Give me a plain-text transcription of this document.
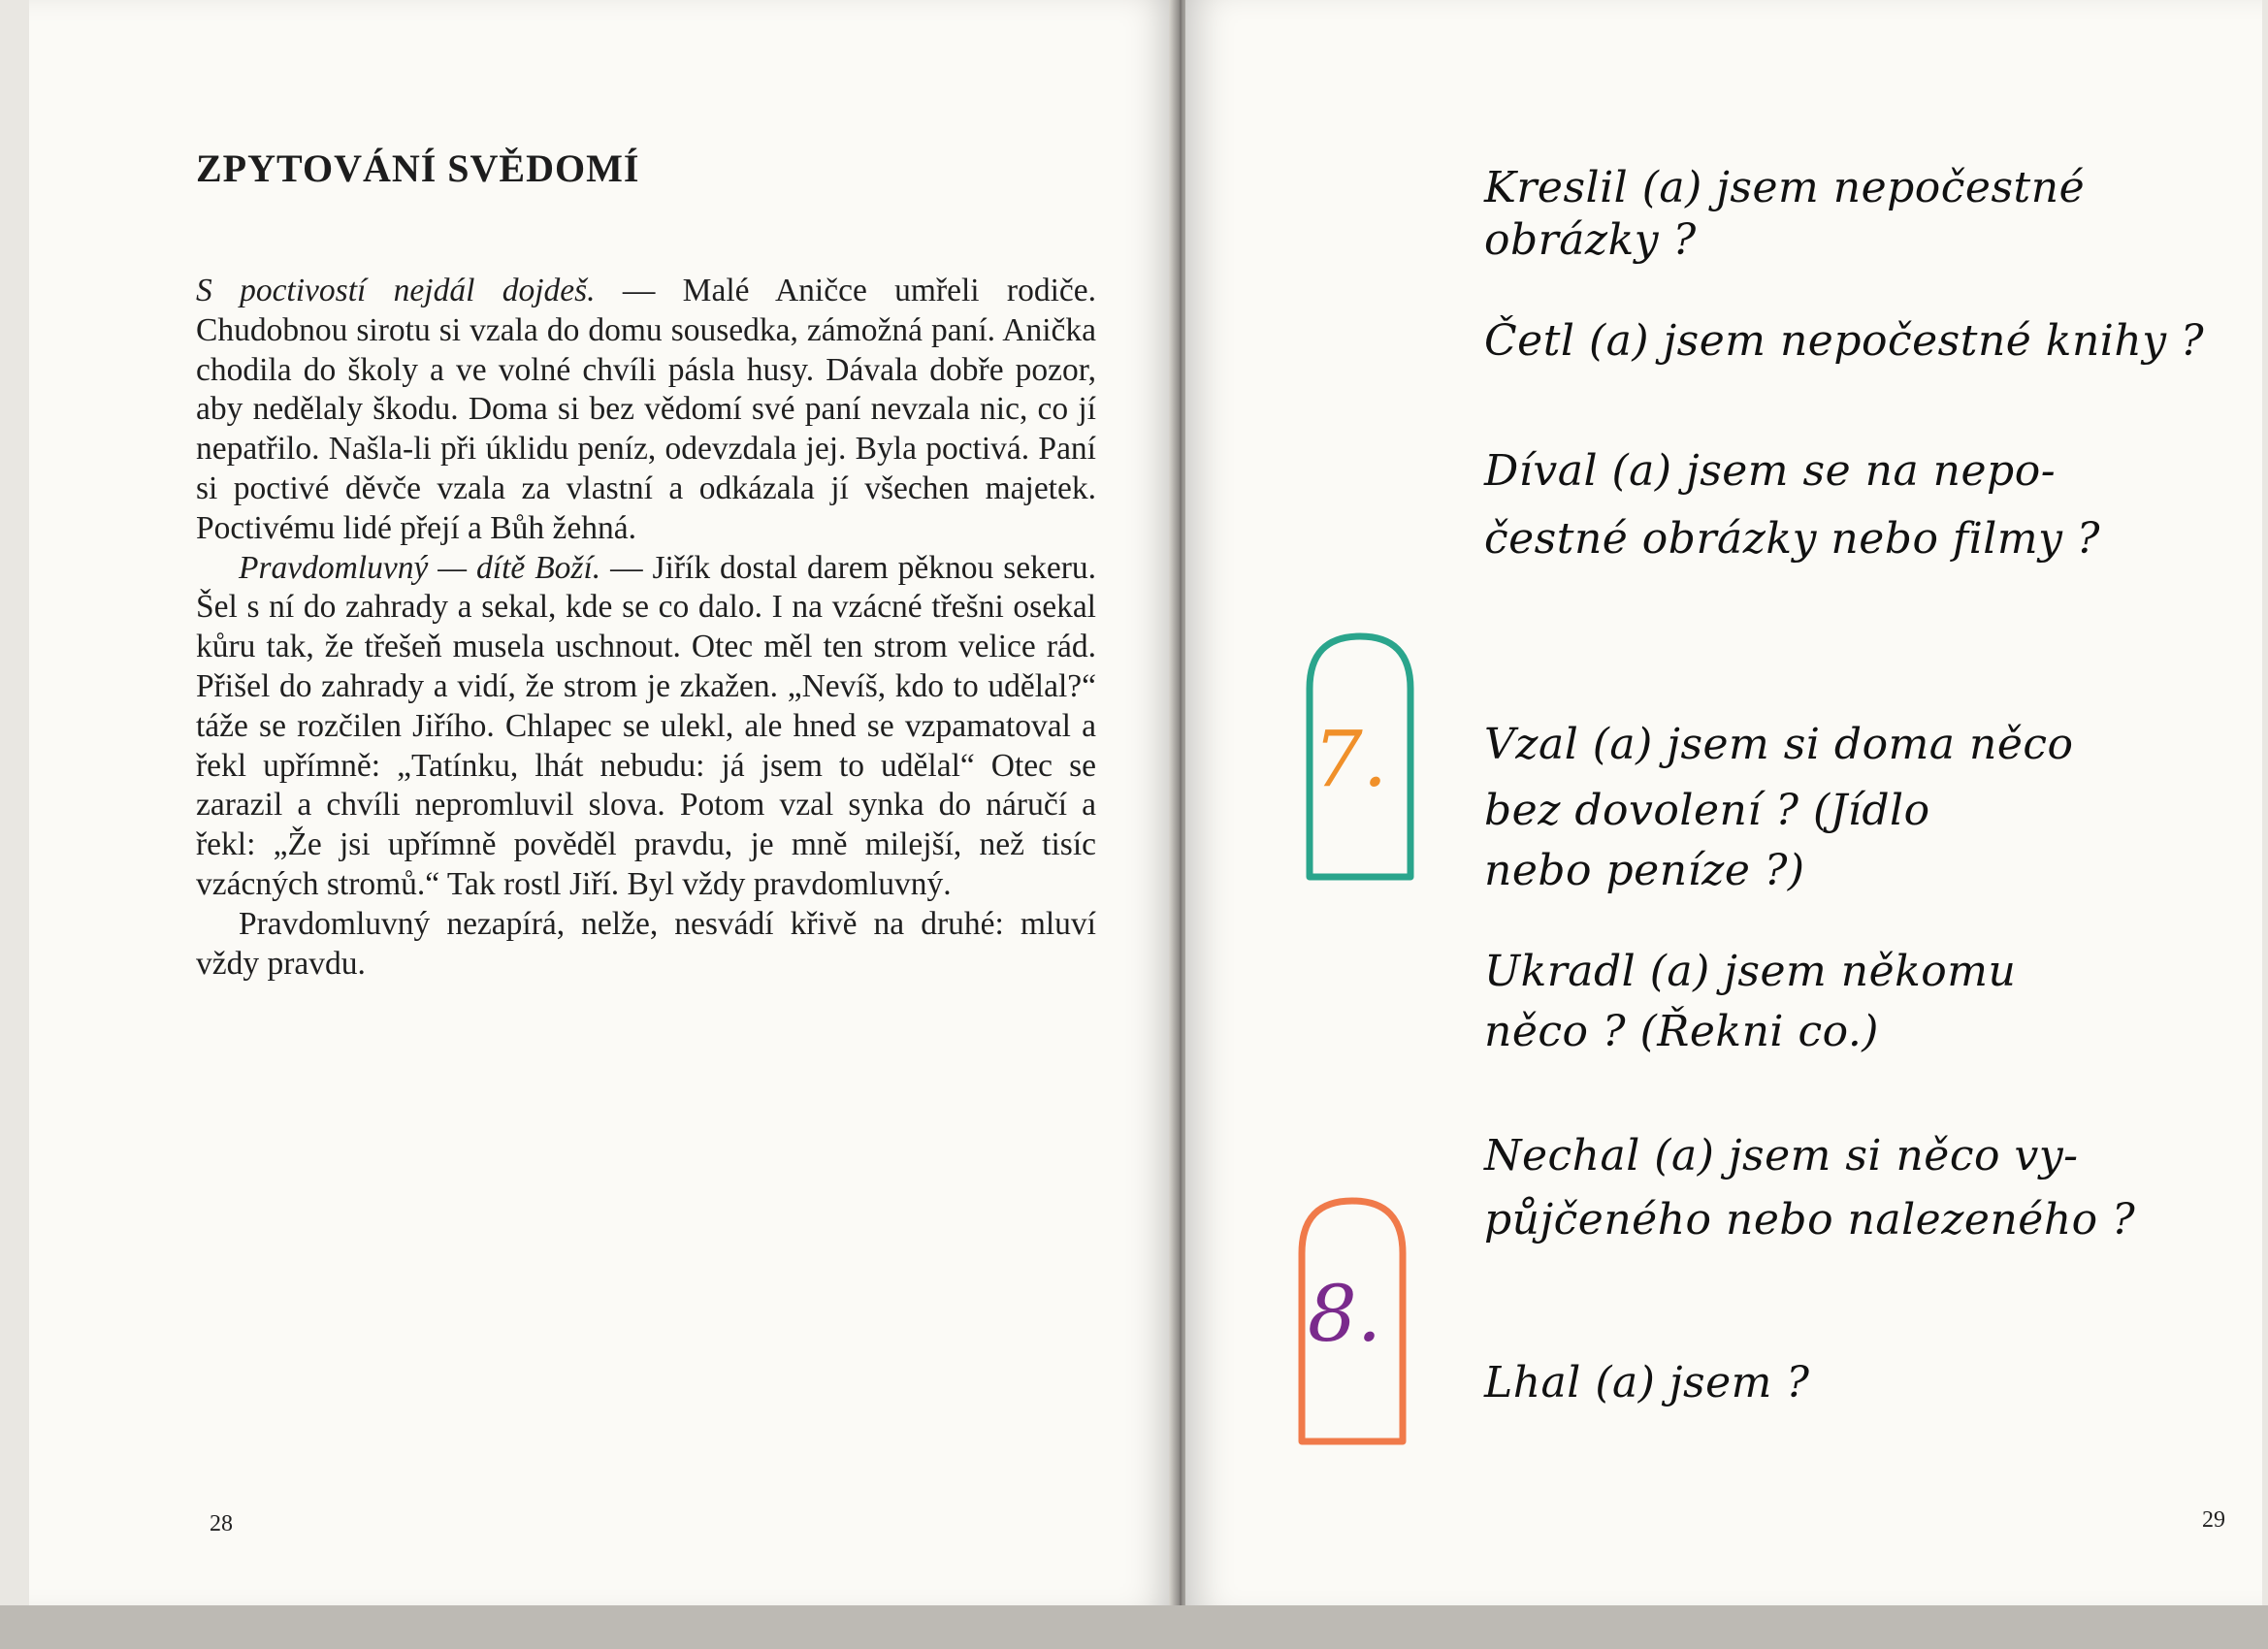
ZPYTOVÁNÍ SVĚDOMÍ

S poctivostí nejdál dojdeš. — Malé Aničce umřeli rodiče. Chudobnou sirotu si vzala do domu sousedka, zámožná paní. Anička chodila do školy a ve volné chvíli pásla husy. Dávala dobře pozor, aby nedělaly škodu. Doma si bez vědomí své paní nevzala nic, co jí nepatřilo. Našla-li při úklidu peníz, odevzdala jej. Byla poctivá. Paní si poctivé děvče vzala za vlastní a odkázala jí všechen majetek. Poctivému lidé přejí a Bůh žehná.

Pravdomluvný — dítě Boží. — Jiřík dostal darem pěknou sekeru. Šel s ní do zahrady a sekal, kde se co dalo. I na vzácné třešni osekal kůru tak, že třešeň musela uschnout. Otec měl ten strom velice rád. Přišel do zahrady a vidí, že strom je zkažen. „Nevíš, kdo to udělal?“ táže se rozčilen Jiřího. Chlapec se ulekl, ale hned se vzpamatoval a řekl upřímně: „Tatínku, lhát nebudu: já jsem to udělal“ Otec se zarazil a chvíli nepromluvil slova. Potom vzal synka do náručí a řekl: „Že jsi upřímně pověděl pravdu, je mně milejší, než tisíc vzácných stromů.“ Tak rostl Jiří. Byl vždy pravdomluvný.

Pravdomluvný nezapírá, nelže, nesvádí křivě na druhé: mluví vždy pravdu.

28
Kreslil (a) jsem nepočestné
obrázky ?
Četl (a) jsem nepočestné knihy ?
Díval (a) jsem se na nepo-
čestné obrázky nebo filmy ?
Vzal (a) jsem si doma něco
bez dovolení ? (Jídlo
nebo peníze ?)
Ukradl (a) jsem někomu
něco ? (Řekni co.)
Nechal (a) jsem si něco vy-
půjčeného nebo nalezeného ?
Lhal (a) jsem ?
7.
8.
29
